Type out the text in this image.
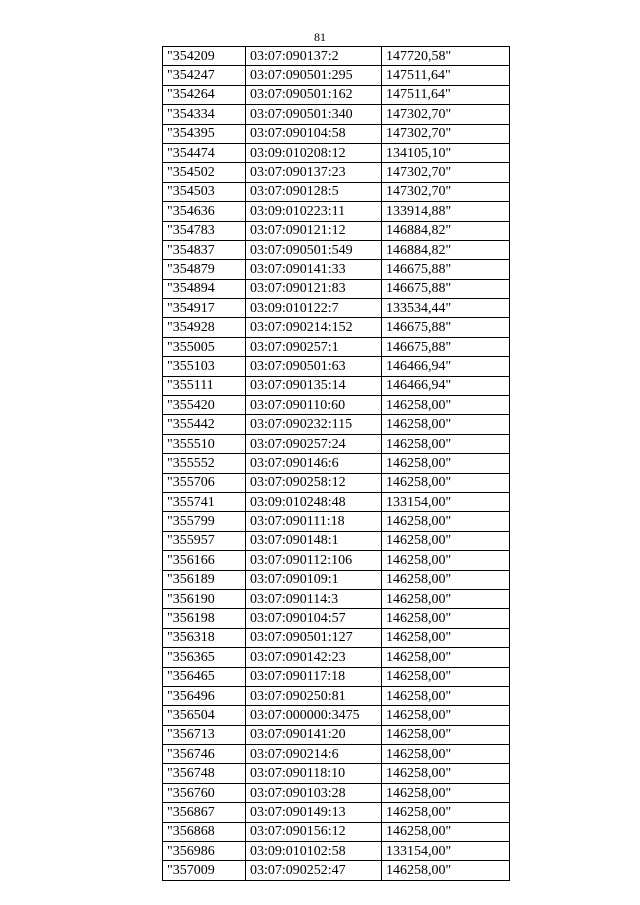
81
"354209	03:07:090137:2	147720,58"
"354247	03:07:090501:295	147511,64"
"354264	03:07:090501:162	147511,64"
"354334	03:07:090501:340	147302,70"
"354395	03:07:090104:58	147302,70"
"354474	03:09:010208:12	134105,10"
"354502	03:07:090137:23	147302,70"
"354503	03:07:090128:5	147302,70"
"354636	03:09:010223:11	133914,88"
"354783	03:07:090121:12	146884,82"
"354837	03:07:090501:549	146884,82"
"354879	03:07:090141:33	146675,88"
"354894	03:07:090121:83	146675,88"
"354917	03:09:010122:7	133534,44"
"354928	03:07:090214:152	146675,88"
"355005	03:07:090257:1	146675,88"
"355103	03:07:090501:63	146466,94"
"355111	03:07:090135:14	146466,94"
"355420	03:07:090110:60	146258,00"
"355442	03:07:090232:115	146258,00"
"355510	03:07:090257:24	146258,00"
"355552	03:07:090146:6	146258,00"
"355706	03:07:090258:12	146258,00"
"355741	03:09:010248:48	133154,00"
"355799	03:07:090111:18	146258,00"
"355957	03:07:090148:1	146258,00"
"356166	03:07:090112:106	146258,00"
"356189	03:07:090109:1	146258,00"
"356190	03:07:090114:3	146258,00"
"356198	03:07:090104:57	146258,00"
"356318	03:07:090501:127	146258,00"
"356365	03:07:090142:23	146258,00"
"356465	03:07:090117:18	146258,00"
"356496	03:07:090250:81	146258,00"
"356504	03:07:000000:3475	146258,00"
"356713	03:07:090141:20	146258,00"
"356746	03:07:090214:6	146258,00"
"356748	03:07:090118:10	146258,00"
"356760	03:07:090103:28	146258,00"
"356867	03:07:090149:13	146258,00"
"356868	03:07:090156:12	146258,00"
"356986	03:09:010102:58	133154,00"
"357009	03:07:090252:47	146258,00"
